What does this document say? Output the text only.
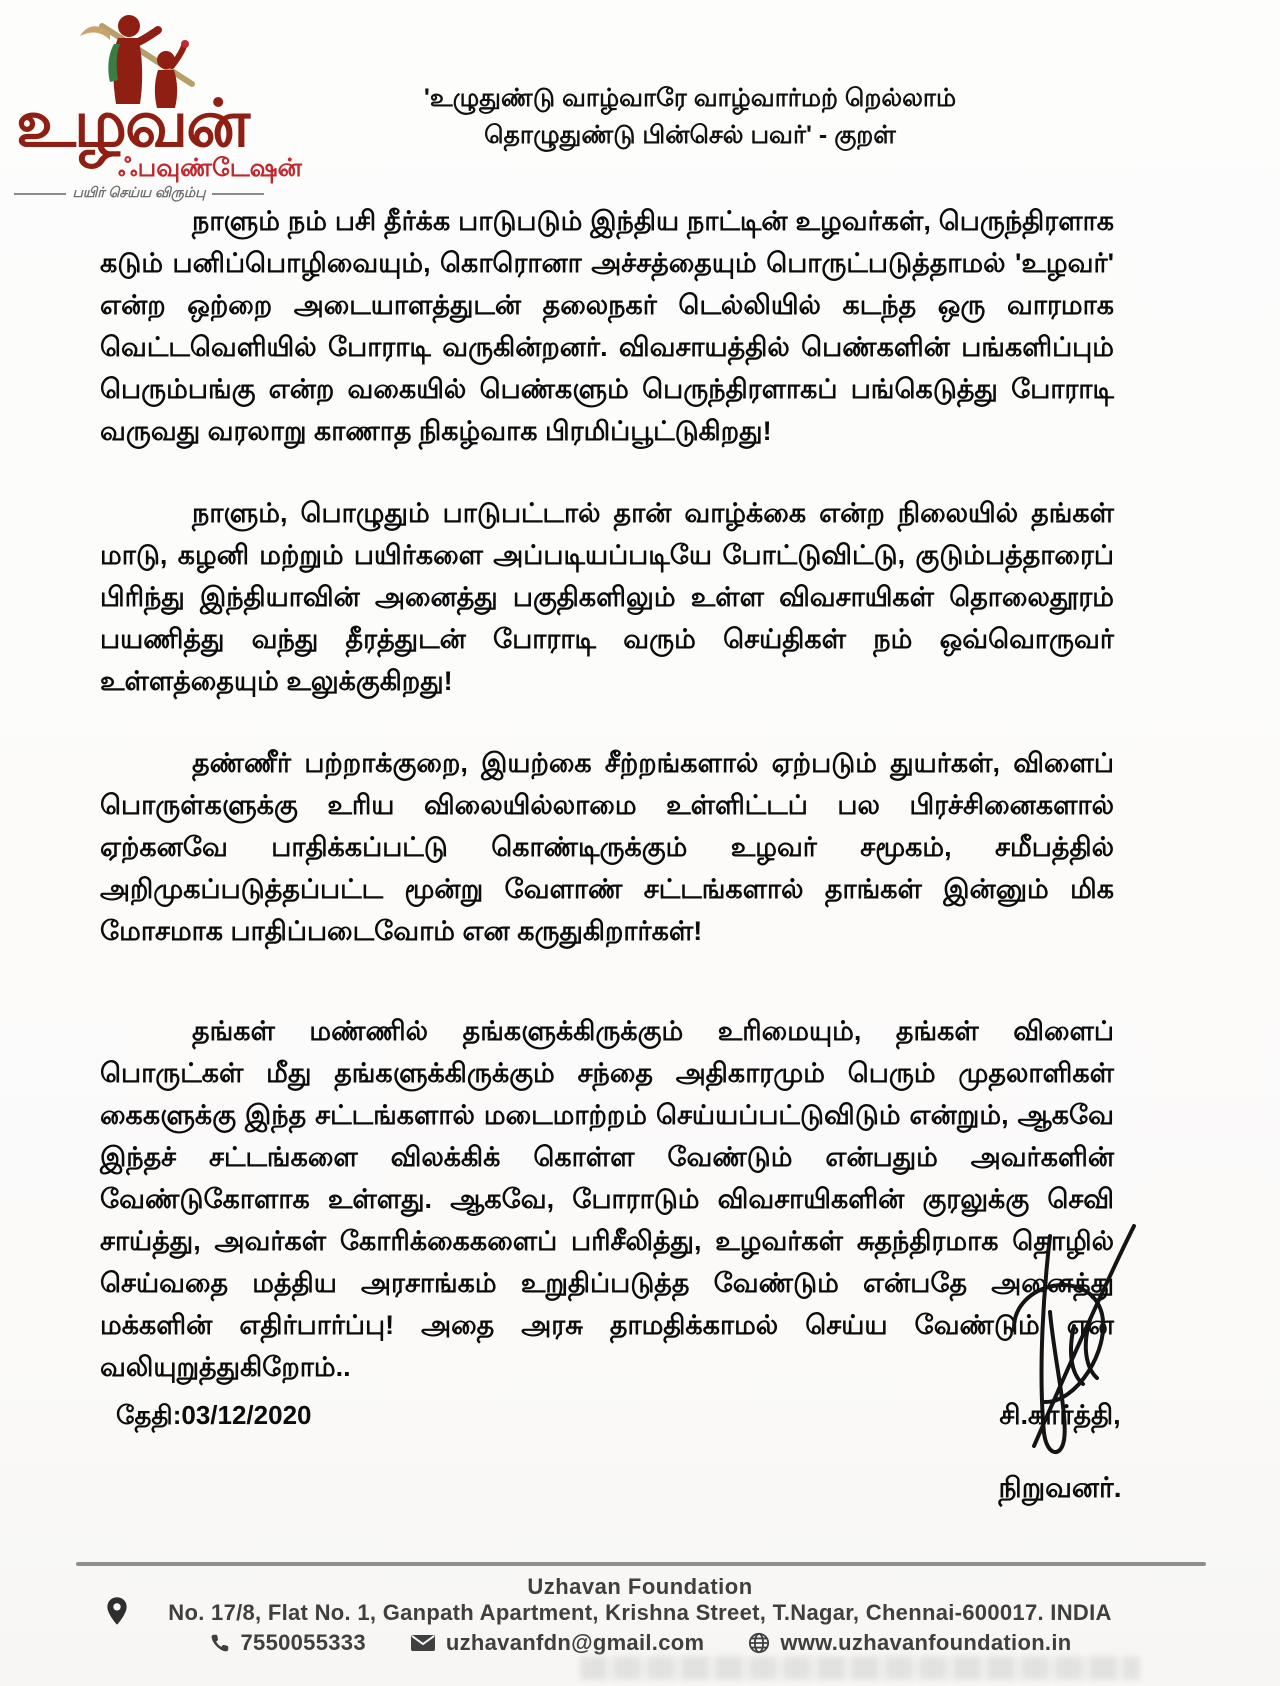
உழவன்
ஃபவுண்டேஷன்
பயிர் செய்ய விரும்பு
'உழுதுண்டு வாழ்வாரே வாழ்வார்மற் றெல்லாம்
தொழுதுண்டு பின்செல் பவர்' - குறள்

நாளும் நம் பசி தீர்க்க பாடுபடும் இந்திய நாட்டின் உழவர்கள், பெருந்திரளாக கடும் பனிப்பொழிவையும், கொரொனா அச்சத்தையும் பொருட்படுத்தாமல் 'உழவர்' என்ற ஒற்றை அடையாளத்துடன் தலைநகர் டெல்லியில் கடந்த ஒரு வாரமாக வெட்டவெளியில் போராடி வருகின்றனர். விவசாயத்தில் பெண்களின் பங்களிப்பும் பெரும்பங்கு என்ற வகையில் பெண்களும் பெருந்திரளாகப் பங்கெடுத்து போராடி வருவது வரலாறு காணாத நிகழ்வாக பிரமிப்பூட்டுகிறது!

நாளும், பொழுதும் பாடுபட்டால் தான் வாழ்க்கை என்ற நிலையில் தங்கள் மாடு, கழனி மற்றும் பயிர்களை அப்படியப்படியே போட்டுவிட்டு, குடும்பத்தாரைப் பிரிந்து இந்தியாவின் அனைத்து பகுதிகளிலும் உள்ள விவசாயிகள் தொலைதூரம் பயணித்து வந்து தீரத்துடன் போராடி வரும் செய்திகள் நம் ஒவ்வொருவர் உள்ளத்தையும் உலுக்குகிறது!

தண்ணீர் பற்றாக்குறை, இயற்கை சீற்றங்களால் ஏற்படும் துயர்கள், விளைப் பொருள்களுக்கு உரிய விலையில்லாமை உள்ளிட்டப் பல பிரச்சினைகளால் ஏற்கனவே பாதிக்கப்பட்டு கொண்டிருக்கும் உழவர் சமூகம், சமீபத்தில் அறிமுகப்படுத்தப்பட்ட மூன்று வேளாண் சட்டங்களால் தாங்கள் இன்னும் மிக மோசமாக பாதிப்படைவோம் என கருதுகிறார்கள்!

தங்கள் மண்ணில் தங்களுக்கிருக்கும் உரிமையும், தங்கள் விளைப் பொருட்கள் மீது தங்களுக்கிருக்கும் சந்தை அதிகாரமும் பெரும் முதலாளிகள் கைகளுக்கு இந்த சட்டங்களால் மடைமாற்றம் செய்யப்பட்டுவிடும் என்றும், ஆகவே இந்தச் சட்டங்களை விலக்கிக் கொள்ள வேண்டும் என்பதும் அவர்களின் வேண்டுகோளாக உள்ளது. ஆகவே, போராடும் விவசாயிகளின் குரலுக்கு செவி சாய்த்து, அவர்கள் கோரிக்கைகளைப் பரிசீலித்து, உழவர்கள் சுதந்திரமாக தொழில் செய்வதை மத்திய அரசாங்கம் உறுதிப்படுத்த வேண்டும் என்பதே அனைத்து மக்களின் எதிர்பார்ப்பு! அதை அரசு தாமதிக்காமல் செய்ய வேண்டும் என வலியுறுத்துகிறோம்..

தேதி:03/12/2020	சி.கார்த்தி,
நிறுவனர்.
Uzhavan Foundation
No. 17/8, Flat No. 1, Ganpath Apartment, Krishna Street, T.Nagar, Chennai-600017. INDIA
7550055333	uzhavanfdn@gmail.com	www.uzhavanfoundation.in
